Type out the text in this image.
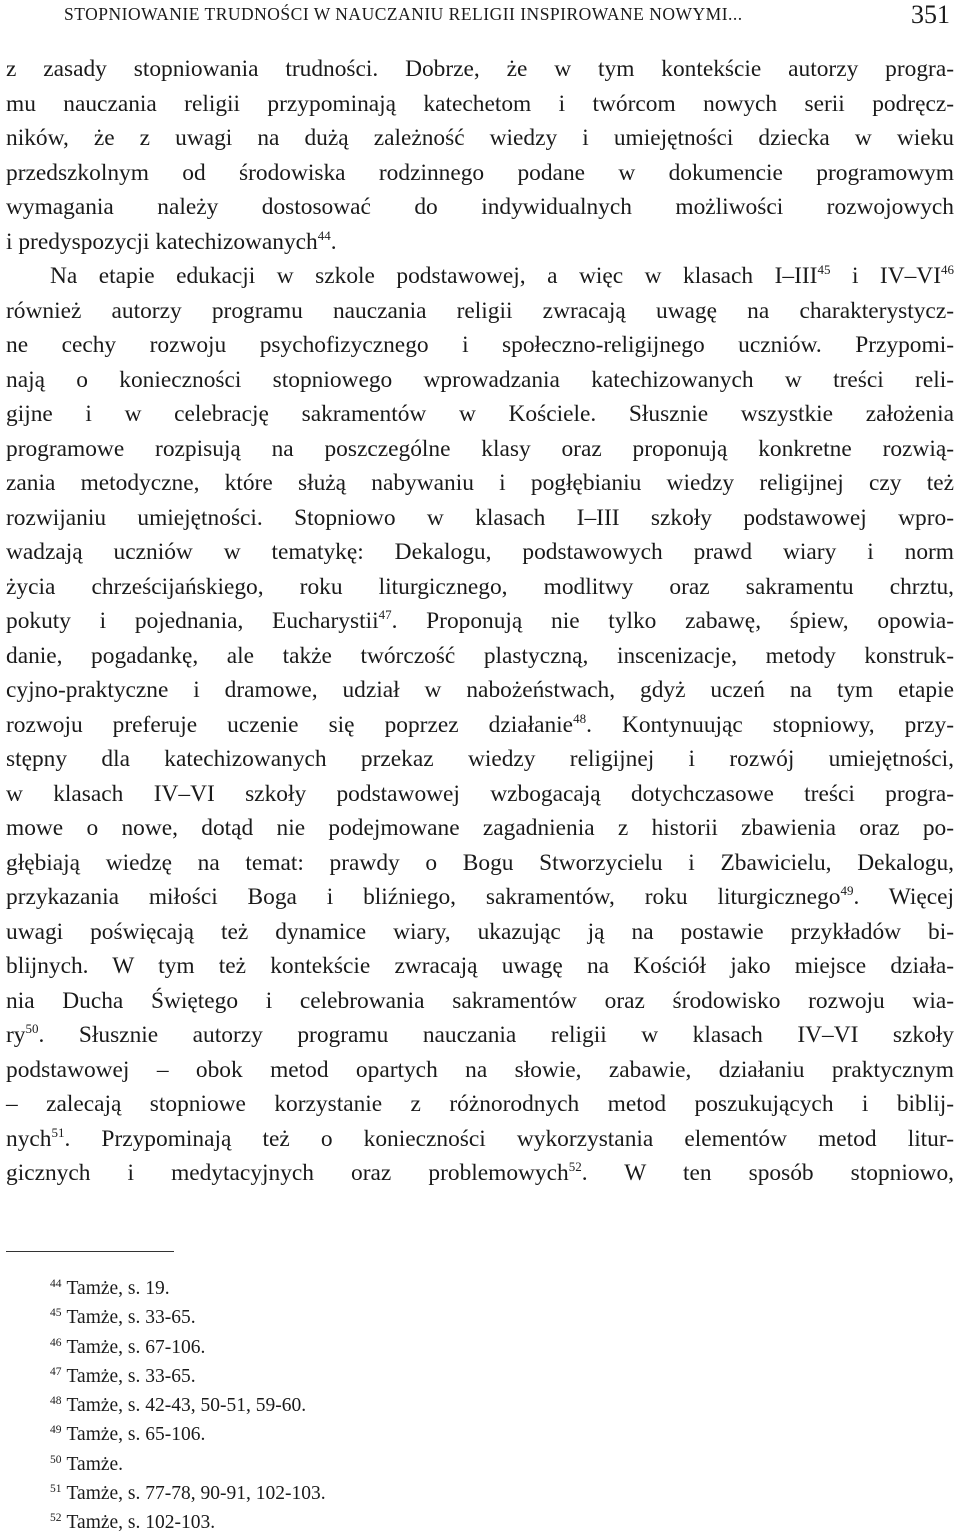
STOPNIOWANIE TRUDNOŚCI W NAUCZANIU RELIGII INSPIROWANE NOWYMI...	351
z zasady stopniowania trudności. Dobrze, że w tym kontekście autorzy progra-
mu nauczania religii przypominają katechetom i twórcom nowych serii podręcz-
ników, że z uwagi na dużą zależność wiedzy i umiejętności dziecka w wieku
przedszkolnym od środowiska rodzinnego podane w dokumencie programowym
wymagania należy dostosować do indywidualnych możliwości rozwojowych
i predyspozycji katechizowanych$^{44}$.
Na etapie edukacji w szkole podstawowej, a więc w klasach I–III$^{45}$ i IV–VI$^{46}$
również autorzy programu nauczania religii zwracają uwagę na charakterystycz-
ne cechy rozwoju psychofizycznego i społeczno-religijnego uczniów. Przypomi-
nają o konieczności stopniowego wprowadzania katechizowanych w treści reli-
gijne i w celebrację sakramentów w Kościele. Słusznie wszystkie założenia
programowe rozpisują na poszczególne klasy oraz proponują konkretne rozwią-
zania metodyczne, które służą nabywaniu i pogłębianiu wiedzy religijnej czy też
rozwijaniu umiejętności. Stopniowo w klasach I–III szkoły podstawowej wpro-
wadzają uczniów w tematykę: Dekalogu, podstawowych prawd wiary i norm
życia chrześcijańskiego, roku liturgicznego, modlitwy oraz sakramentu chrztu,
pokuty i pojednania, Eucharystii$^{47}$. Proponują nie tylko zabawę, śpiew, opowia-
danie, pogadankę, ale także twórczość plastyczną, inscenizacje, metody konstruk-
cyjno-praktyczne i dramowe, udział w nabożeństwach, gdyż uczeń na tym etapie
rozwoju preferuje uczenie się poprzez działanie$^{48}$. Kontynuując stopniowy, przy-
stępny dla katechizowanych przekaz wiedzy religijnej i rozwój umiejętności,
w klasach IV–VI szkoły podstawowej wzbogacają dotychczasowe treści progra-
mowe o nowe, dotąd nie podejmowane zagadnienia z historii zbawienia oraz po-
głębiają wiedzę na temat: prawdy o Bogu Stworzycielu i Zbawicielu, Dekalogu,
przykazania miłości Boga i bliźniego, sakramentów, roku liturgicznego$^{49}$. Więcej
uwagi poświęcają też dynamice wiary, ukazując ją na postawie przykładów bi-
blijnych. W tym też kontekście zwracają uwagę na Kościół jako miejsce działa-
nia Ducha Świętego i celebrowania sakramentów oraz środowisko rozwoju wia-
$ry^{50}$. Słusznie autorzy programu nauczania religii w klasach IV–VI szkoły
podstawowej – obok metod opartych na słowie, zabawie, działaniu praktycznym
– zalecają stopniowe korzystanie z różnorodnych metod poszukujących i biblij-
nych$^{51}$. Przypominają też o konieczności wykorzystania elementów metod litur-
gicznych i medytacyjnych oraz problemowych$^{52}$. W ten sposób stopniowo,
$^{44}$ Tamże, s. 19.
$^{45}$ Tamże, s. 33-65.
$^{46}$ Tamże, s. 67-106.
$^{47}$ Tamże, s. 33-65.
$^{48}$ Tamże, s. 42-43, 50-51, 59-60.
$^{49}$ Tamże, s. 65-106.
$^{50}$ Tamże.
$^{51}$ Tamże, s. 77-78, 90-91, 102-103.
$^{52}$ Tamże, s. 102-103.
